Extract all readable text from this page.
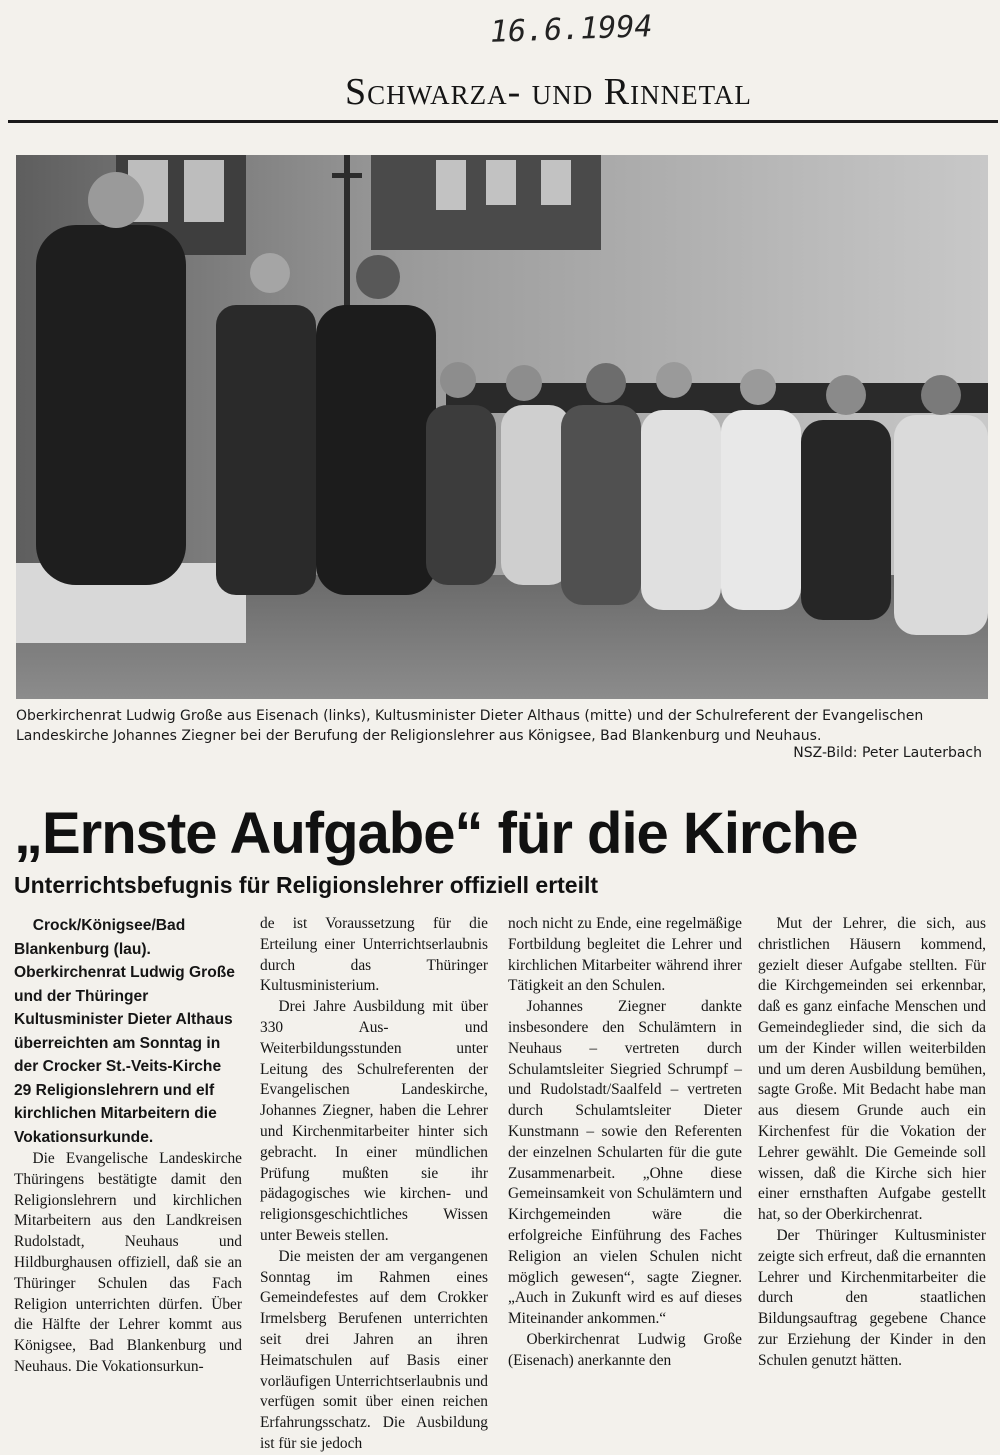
16.6.1994
Schwarza- und Rinnetal
Oberkirchenrat Ludwig Große aus Eisenach (links), Kultusminister Dieter Althaus (mitte) und der Schulreferent der Evangelischen Landeskirche Johannes Ziegner bei der Berufung der Religionslehrer aus Königsee, Bad Blankenburg und Neuhaus.
NSZ-Bild: Peter Lauterbach
„Ernste Aufgabe“ für die Kirche
Unterrichtsbefugnis für Religionslehrer offiziell erteilt

Crock/Königsee/Bad Blankenburg (lau). Oberkirchenrat Ludwig Große und der Thüringer Kultusminister Dieter Althaus überreichten am Sonntag in der Crocker St.-Veits-Kirche 29 Religionslehrern und elf kirchlichen Mitarbeitern die Vokationsurkunde.

Die Evangelische Landeskirche Thüringens bestätigte damit den Religionslehrern und kirchlichen Mitarbeitern aus den Landkreisen Rudolstadt, Neuhaus und Hildburghausen offiziell, daß sie an Thüringer Schulen das Fach Religion unterrichten dürfen. Über die Hälfte der Lehrer kommt aus Königsee, Bad Blankenburg und Neuhaus. Die Vokationsurkun-

de ist Voraussetzung für die Erteilung einer Unterrichtserlaubnis durch das Thüringer Kultusministerium.

Drei Jahre Ausbildung mit über 330 Aus- und Weiterbildungsstunden unter Leitung des Schulreferenten der Evangelischen Landeskirche, Johannes Ziegner, haben die Lehrer und Kirchenmitarbeiter hinter sich gebracht. In einer mündlichen Prüfung mußten sie ihr pädagogisches wie kirchen- und religionsgeschichtliches Wissen unter Beweis stellen.

Die meisten der am vergangenen Sonntag im Rahmen eines Gemeindefestes auf dem Crokker Irmelsberg Berufenen unterrichten seit drei Jahren an ihren Heimatschulen auf Basis einer vorläufigen Unterrichtserlaubnis und verfügen somit über einen reichen Erfahrungsschatz. Die Ausbildung ist für sie jedoch

noch nicht zu Ende, eine regelmäßige Fortbildung begleitet die Lehrer und kirchlichen Mitarbeiter während ihrer Tätigkeit an den Schulen.

Johannes Ziegner dankte insbesondere den Schulämtern in Neuhaus – vertreten durch Schulamtsleiter Siegried Schrumpf – und Rudolstadt/Saalfeld – vertreten durch Schulamtsleiter Dieter Kunstmann – sowie den Referenten der einzelnen Schularten für die gute Zusammenarbeit. „Ohne diese Gemeinsamkeit von Schulämtern und Kirchgemeinden wäre die erfolgreiche Einführung des Faches Religion an vielen Schulen nicht möglich gewesen“, sagte Ziegner. „Auch in Zukunft wird es auf dieses Miteinander ankommen.“

Oberkirchenrat Ludwig Große (Eisenach) anerkannte den

Mut der Lehrer, die sich, aus christlichen Häusern kommend, gezielt dieser Aufgabe stellten. Für die Kirchgemeinden sei erkennbar, daß es ganz einfache Menschen und Gemeindeglieder sind, die sich da um der Kinder willen weiterbilden und um deren Ausbildung bemühen, sagte Große. Mit Bedacht habe man aus diesem Grunde auch ein Kirchenfest für die Vokation der Lehrer gewählt. Die Gemeinde soll wissen, daß die Kirche sich hier einer ernsthaften Aufgabe gestellt hat, so der Oberkirchenrat.

Der Thüringer Kultusminister zeigte sich erfreut, daß die ernannten Lehrer und Kirchenmitarbeiter die durch den staatlichen Bildungsauftrag gegebene Chance zur Erziehung der Kinder in den Schulen genutzt hätten.
